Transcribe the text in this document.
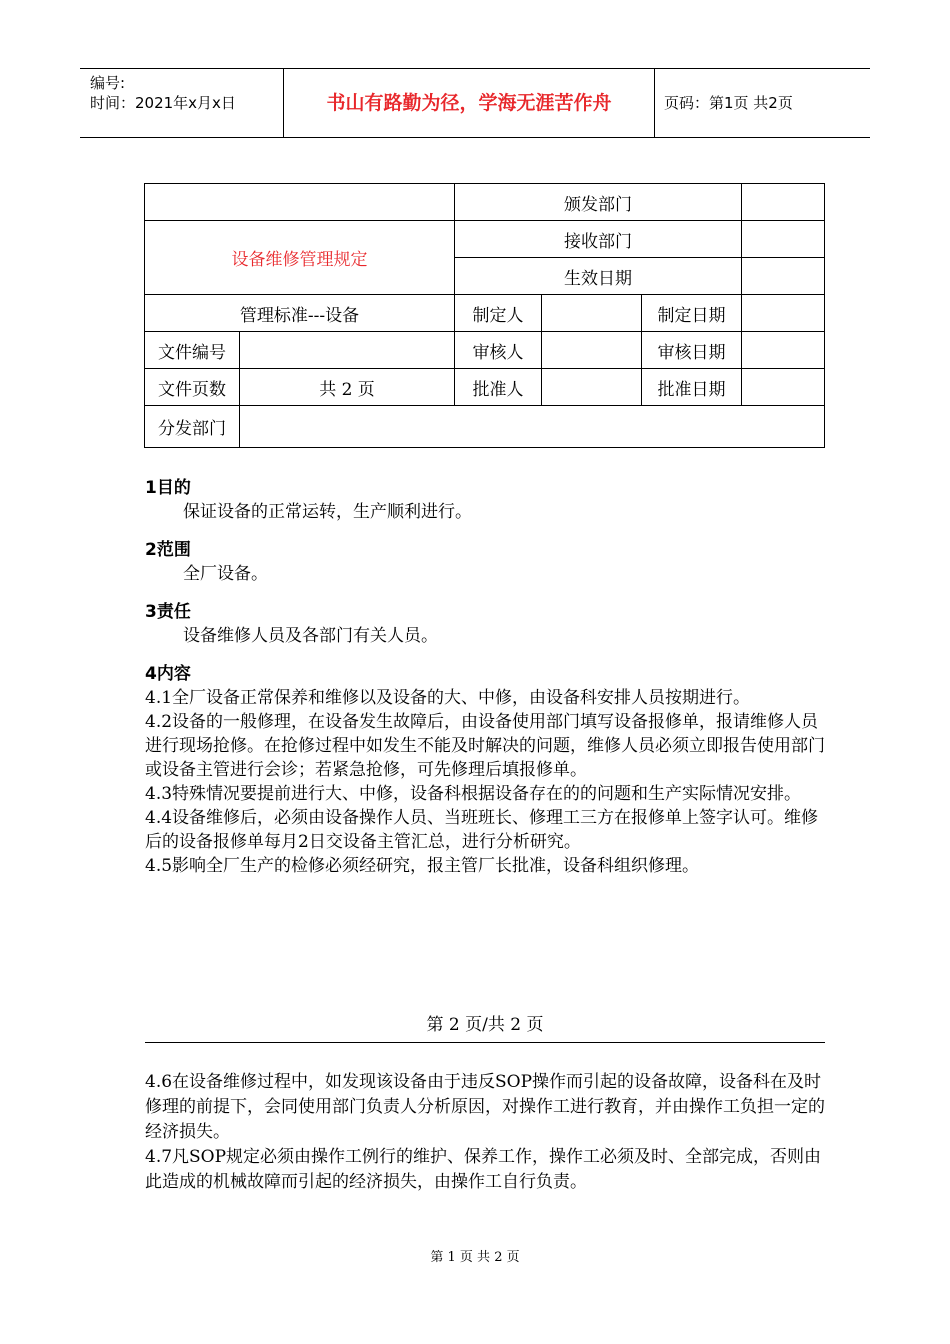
编号:
时间：2021年x月x日	书山有路勤为径，学海无涯苦作舟	页码：第1页 共2页
		颁发部门			
设备维修管理规定		接收部门			
		生效日期			
管理标准---设备		制定人		制定日期	
文件编号		审核人		审核日期	
文件页数	共 2 页	批准人		批准日期	
分发部门					

1目的

保证设备的正常运转，生产顺利进行。

2范围

全厂设备。

3责任

设备维修人员及各部门有关人员。

4内容

4.1全厂设备正常保养和维修以及设备的大、中修，由设备科安排人员按期进行。

4.2设备的一般修理，在设备发生故障后，由设备使用部门填写设备报修单，报请维修人员进行现场抢修。在抢修过程中如发生不能及时解决的问题，维修人员必须立即报告使用部门或设备主管进行会诊；若紧急抢修，可先修理后填报修单。

4.3特殊情况要提前进行大、中修，设备科根据设备存在的的问题和生产实际情况安排。

4.4设备维修后，必须由设备操作人员、当班班长、修理工三方在报修单上签字认可。维修后的设备报修单每月2日交设备主管汇总，进行分析研究。

4.5影响全厂生产的检修必须经研究，报主管厂长批准，设备科组织修理。

第 2 页/共 2 页

4.6在设备维修过程中，如发现该设备由于违反SOP操作而引起的设备故障，设备科在及时修理的前提下，会同使用部门负责人分析原因，对操作工进行教育，并由操作工负担一定的经济损失。

4.7凡SOP规定必须由操作工例行的维护、保养工作，操作工必须及时、全部完成，否则由此造成的机械故障而引起的经济损失，由操作工自行负责。

第 1 页 共 2 页
